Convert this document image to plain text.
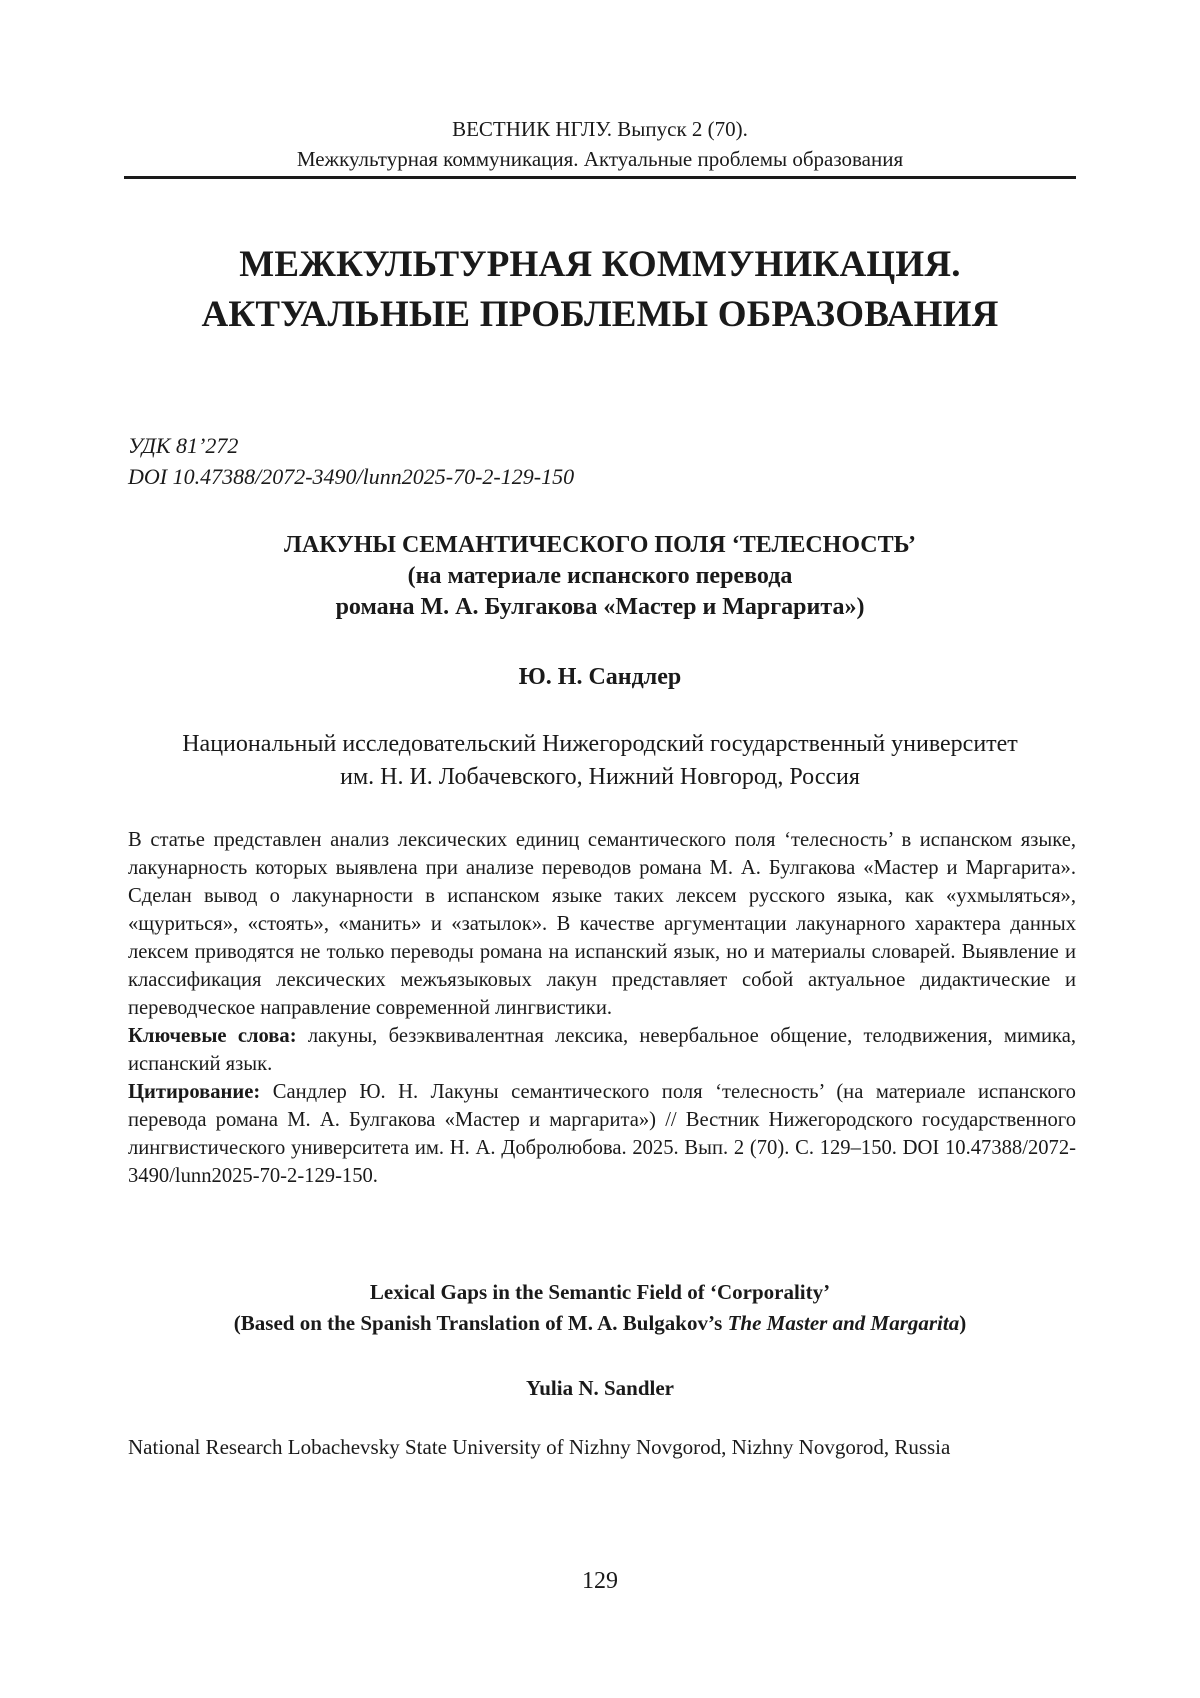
ВЕСТНИК НГЛУ. Выпуск 2 (70).
Межкультурная коммуникация. Актуальные проблемы образования
МЕЖКУЛЬТУРНАЯ КОММУНИКАЦИЯ.
АКТУАЛЬНЫЕ ПРОБЛЕМЫ ОБРАЗОВАНИЯ
УДК 81’272
DOI 10.47388/2072-3490/lunn2025-70-2-129-150
ЛАКУНЫ СЕМАНТИЧЕСКОГО ПОЛЯ ‘ТЕЛЕСНОСТЬ’
(на материале испанского перевода
романа М. А. Булгакова «Мастер и Маргарита»)
Ю. Н. Сандлер
Национальный исследовательский Нижегородский государственный университет
им. Н. И. Лобачевского, Нижний Новгород, Россия

В статье представлен анализ лексических единиц семантического поля ‘телесность’ в испанском языке, лакунарность которых выявлена при анализе переводов романа М. А. Булгакова «Мастер и Маргарита». Сделан вывод о лакунарности в испанском языке таких лексем русского языка, как «ухмыляться», «щуриться», «стоять», «манить» и «затылок». В качестве аргументации лакунарного характера данных лексем приводятся не только переводы романа на испанский язык, но и материалы словарей. Выявление и классификация лексических межъязыковых лакун представляет собой актуальное дидактические и переводческое направление современной лингвистики.

Ключевые слова: лакуны, безэквивалентная лексика, невербальное общение, телодвижения, мимика, испанский язык.

Цитирование: Сандлер Ю. Н. Лакуны семантического поля ‘телесность’ (на материале испанского перевода романа М. А. Булгакова «Мастер и маргарита») // Вестник Нижегородского государственного лингвистического университета им. Н. А. Добролюбова. 2025. Вып. 2 (70). С. 129–150. DOI 10.47388/2072-3490/lunn2025-70-2-129-150.

Lexical Gaps in the Semantic Field of ‘Corporality’
(Based on the Spanish Translation of M. A. Bulgakov’s The Master and Margarita)
Yulia N. Sandler
National Research Lobachevsky State University of Nizhny Novgorod, Nizhny Novgorod, Russia
129
